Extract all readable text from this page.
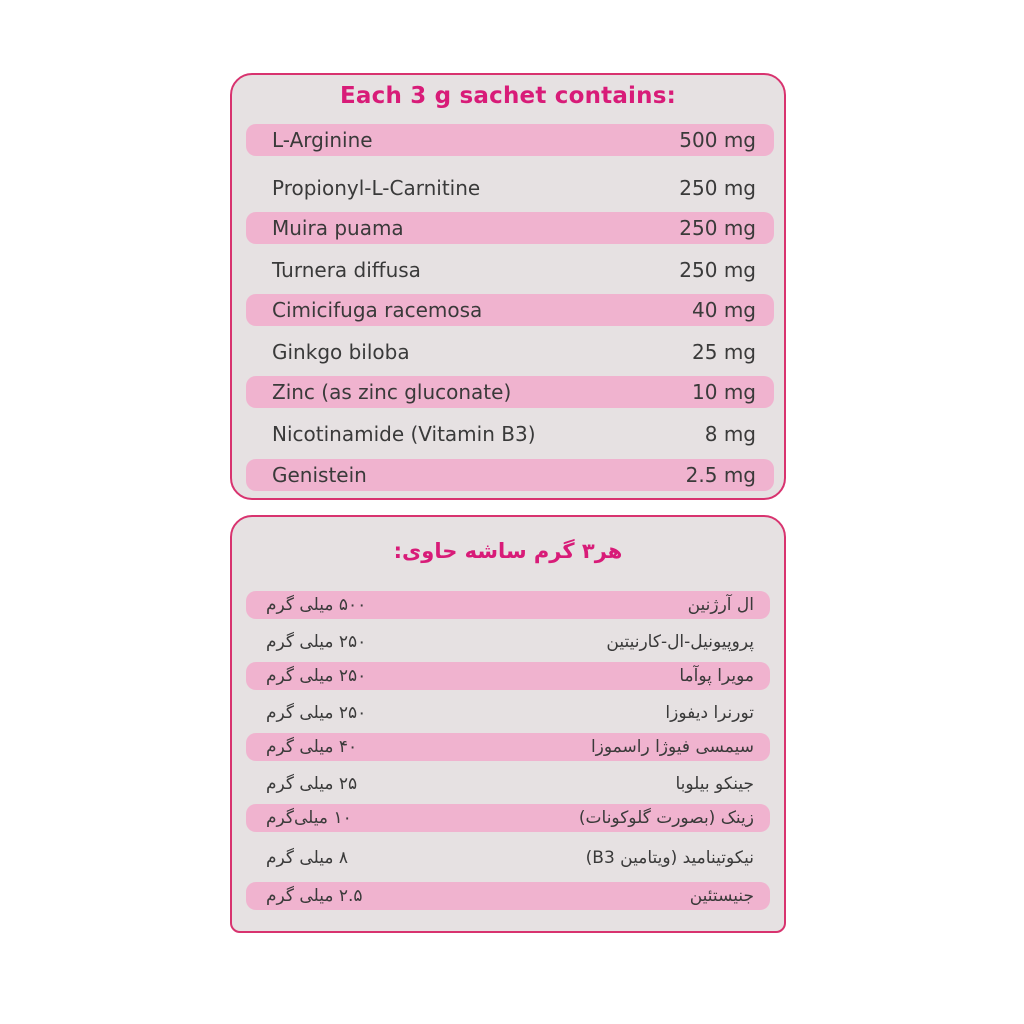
Each 3 g sachet contains:
L-Arginine	500 mg
Propionyl-L-Carnitine	250 mg
Muira puama	250 mg
Turnera diffusa	250 mg
Cimicifuga racemosa	40 mg
Ginkgo biloba	25 mg
Zinc (as zinc gluconate)	10 mg
Nicotinamide (Vitamin B3)	8 mg
Genistein	2.5 mg
هر۳ گرم ساشه حاوی:
۵۰۰ میلی گرم	ال آرژنین
۲۵۰ میلی گرم	پروپیونیل-ال-کارنیتین
۲۵۰ میلی گرم	مویرا پوآما
۲۵۰ میلی گرم	تورنرا دیفوزا
۴۰ میلی گرم	سیمسی فیوژا راسموزا
۲۵ میلی گرم	جینکو بیلوبا
۱۰ میلی‌گرم	زینک (بصورت گلوکونات)
۸ میلی گرم	نیکوتینامید (ویتامین B3)
۲.۵ میلی گرم	جنیستئین
